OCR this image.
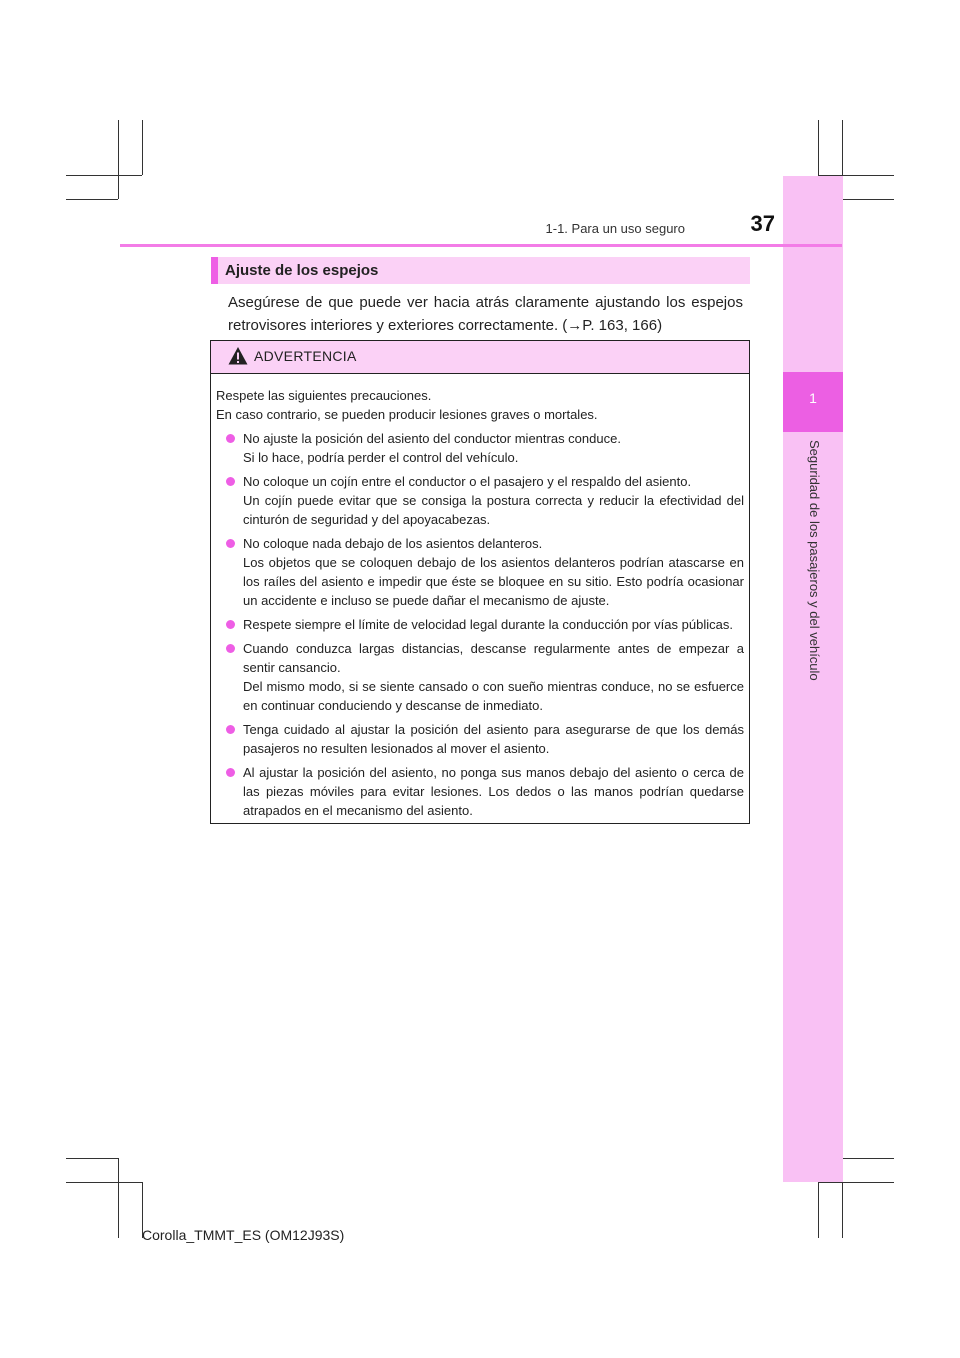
1
Seguridad de los pasajeros y del vehículo
1-1. Para un uso seguro	37
Ajuste de los espejos
Asegúrese de que puede ver hacia atrás claramente ajustando los espejos retrovisores interiores y exteriores correctamente. (→P. 163, 166)
ADVERTENCIA

Respete las siguientes precauciones.

En caso contrario, se pueden producir lesiones graves o mortales.

No ajuste la posición del asiento del conductor mientras conduce.

Si lo hace, podría perder el control del vehículo.

No coloque un cojín entre el conductor o el pasajero y el respaldo del asiento.

Un cojín puede evitar que se consiga la postura correcta y reducir la efectividad del cinturón de seguridad y del apoyacabezas.

No coloque nada debajo de los asientos delanteros.

Los objetos que se coloquen debajo de los asientos delanteros podrían atascarse en los raíles del asiento e impedir que éste se bloquee en su sitio. Esto podría ocasionar un accidente e incluso se puede dañar el mecanismo de ajuste.

Respete siempre el límite de velocidad legal durante la conducción por vías públicas.

Cuando conduzca largas distancias, descanse regularmente antes de empezar a sentir cansancio.

Del mismo modo, si se siente cansado o con sueño mientras conduce, no se esfuerce en continuar conduciendo y descanse de inmediato.

Tenga cuidado al ajustar la posición del asiento para asegurarse de que los demás pasajeros no resulten lesionados al mover el asiento.

Al ajustar la posición del asiento, no ponga sus manos debajo del asiento o cerca de las piezas móviles para evitar lesiones. Los dedos o las manos podrían quedarse atrapados en el mecanismo del asiento.

Corolla_TMMT_ES (OM12J93S)
